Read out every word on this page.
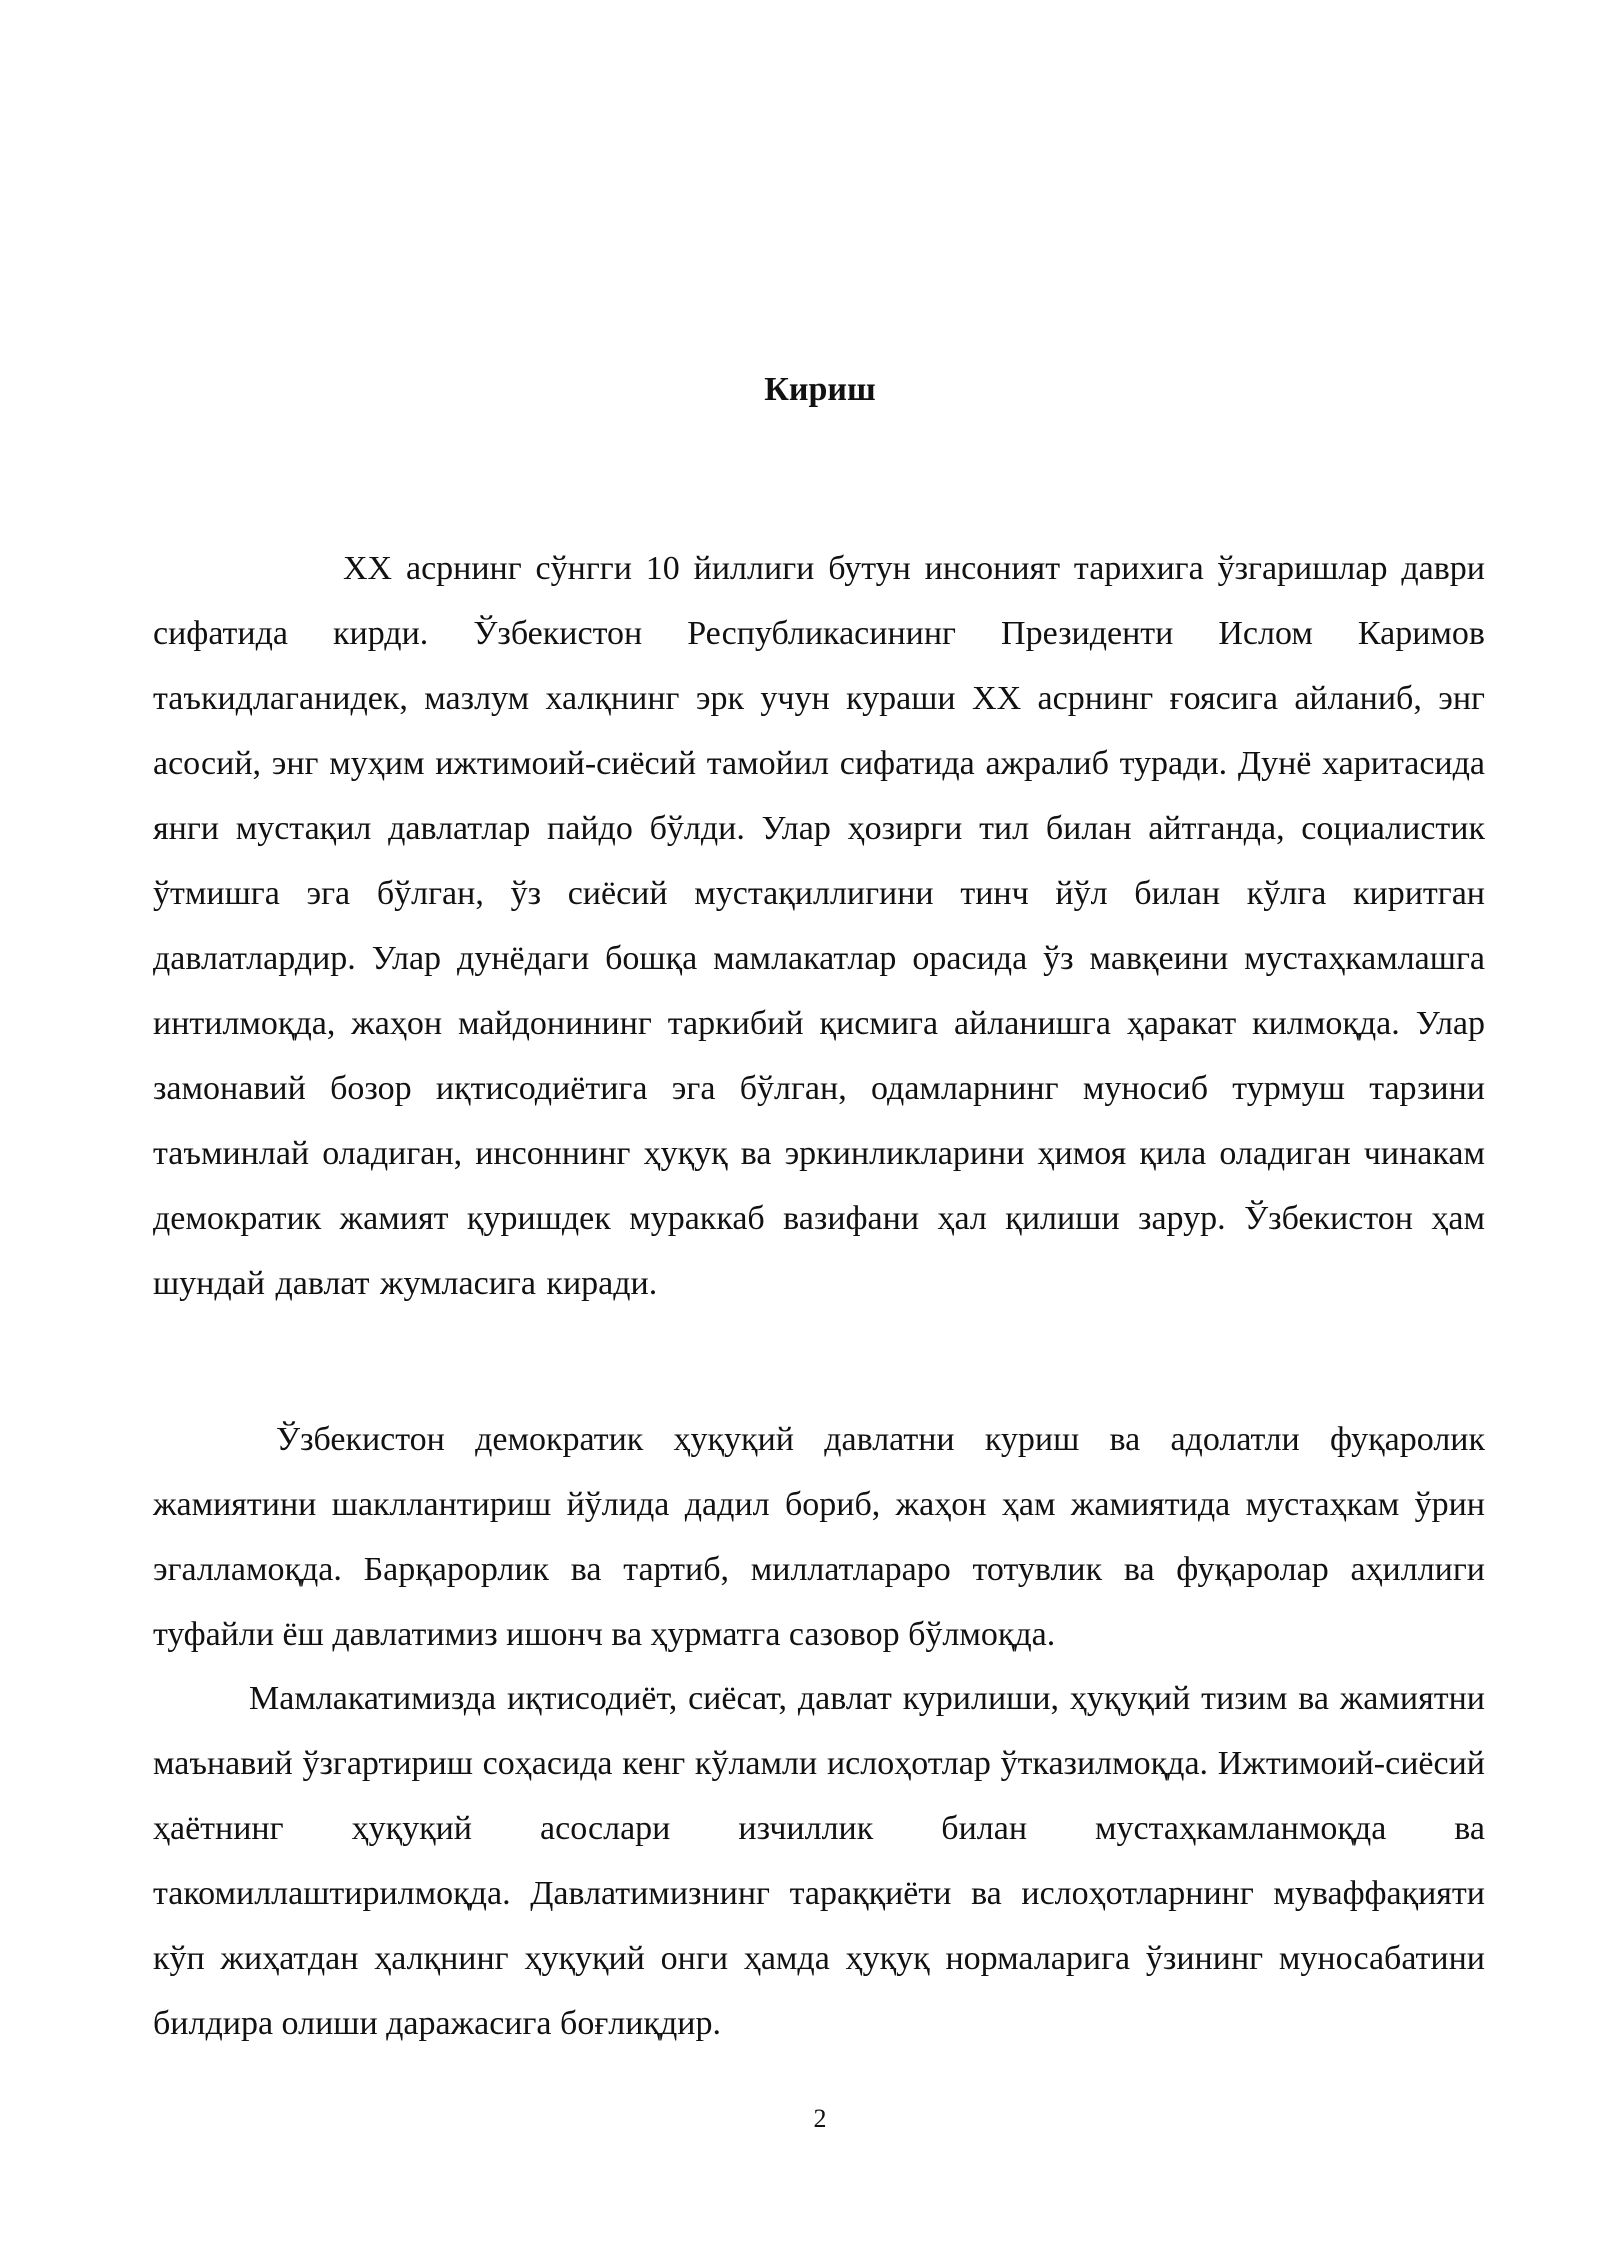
Кириш

ХХ асрнинг сўнгги 10 йиллиги бутун инсоният тарихига ўзгаришлар даври сифатида кирди. Ўзбекистон Республикасининг Президенти Ислом Каримов таъкидлаганидек, мазлум халқнинг эрк учун кураши ХХ асрнинг ғоясига айланиб, энг асосий, энг муҳим ижтимоий-сиёсий тамойил сифатида ажралиб туради. Дунё харитасида янги мустақил давлатлар пайдо бўлди. Улар ҳозирги тил билан айтганда, социалистик ўтмишга эга бўлган, ўз сиёсий мустақиллигини тинч йўл билан кўлга киритган давлатлардир. Улар дунёдаги бошқа мамлакатлар орасида ўз мавқеини мустаҳкамлашга интилмоқда, жаҳон майдонининг таркибий қисмига айланишга ҳаракат килмоқда. Улар замонавий бозор иқтисодиётига эга бўлган, одамларнинг муносиб турмуш тарзини таъминлай оладиган, инсоннинг ҳуқуқ ва эркинликларини ҳимоя қила оладиган чинакам демократик жамият қуришдек мураккаб вазифани ҳал қилиши зарур. Ўзбекистон ҳам шундай давлат жумласига киради.

Ўзбекистон демократик ҳуқуқий давлатни куриш ва адолатли фуқаролик жамиятини шакллантириш йўлида дадил бориб, жаҳон ҳам жамиятида мустаҳкам ўрин эгалламоқда. Барқарорлик ва тартиб, миллатлараро тотувлик ва фуқаролар аҳиллиги туфайли ёш давлатимиз ишонч ва ҳурматга сазовор бўлмоқда.

Мамлакатимизда иқтисодиёт, сиёсат, давлат курилиши, ҳуқуқий тизим ва жамиятни маънавий ўзгартириш соҳасида кенг кўламли ислоҳотлар ўтказилмоқда. Ижтимоий-сиёсий ҳаётнинг ҳуқуқий асослари изчиллик билан мустаҳкамланмоқда ва такомиллаштирилмоқда. Давлатимизнинг тараққиёти ва ислоҳотларнинг муваффақияти кўп жиҳатдан ҳалқнинг ҳуқуқий онги ҳамда ҳуқуқ нормаларига ўзининг муносабатини билдира олиши даражасига боғлиқдир.

2
